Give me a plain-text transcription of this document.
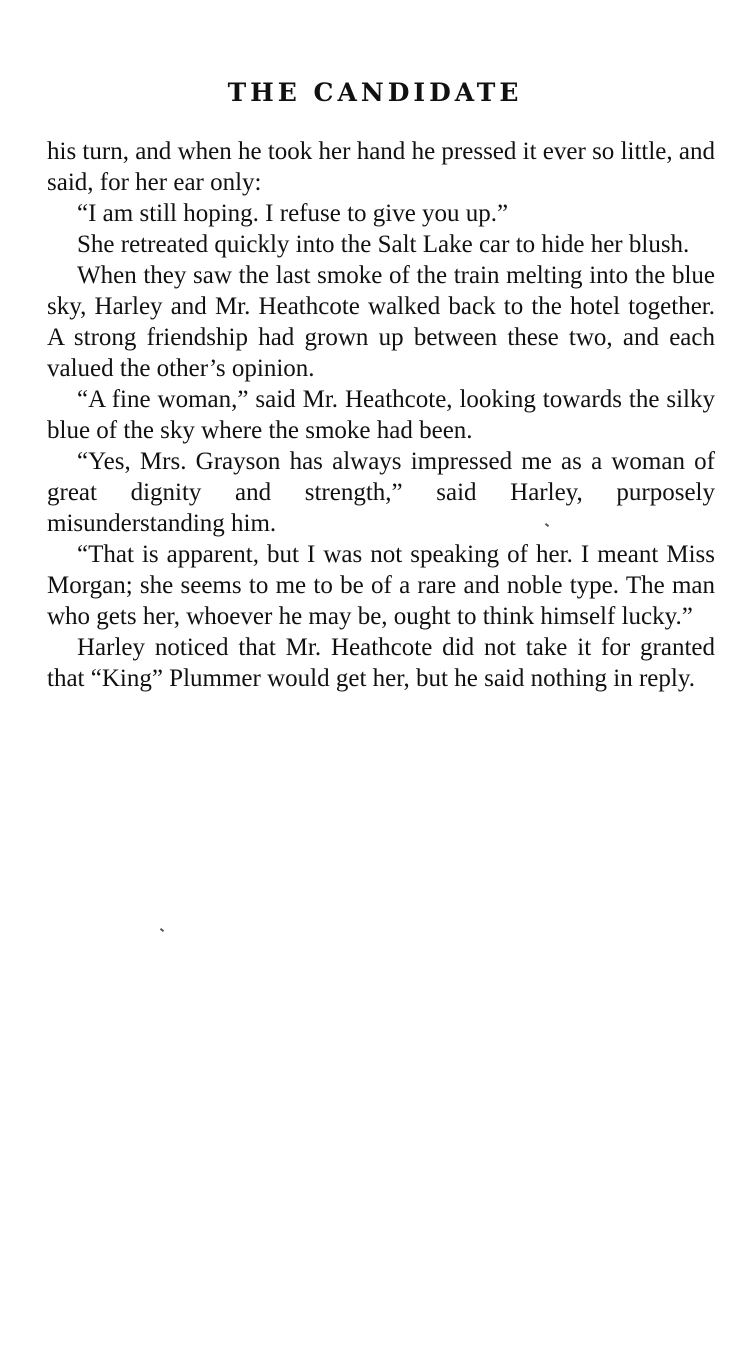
THE CANDIDATE

his turn, and when he took her hand he pressed it ever so little, and said, for her ear only:

“I am still hoping. I refuse to give you up.”

She retreated quickly into the Salt Lake car to hide her blush.

When they saw the last smoke of the train melting into the blue sky, Harley and Mr. Heathcote walked back to the hotel together. A strong friendship had grown up between these two, and each valued the other’s opinion.

“A fine woman,” said Mr. Heathcote, looking towards the silky blue of the sky where the smoke had been.

“Yes, Mrs. Grayson has always impressed me as a woman of great dignity and strength,” said Harley, purposely misunderstanding him.

“That is apparent, but I was not speaking of her. I meant Miss Morgan; she seems to me to be of a rare and noble type. The man who gets her, whoever he may be, ought to think himself lucky.”

Harley noticed that Mr. Heathcote did not take it for granted that “King” Plummer would get her, but he said nothing in reply.
